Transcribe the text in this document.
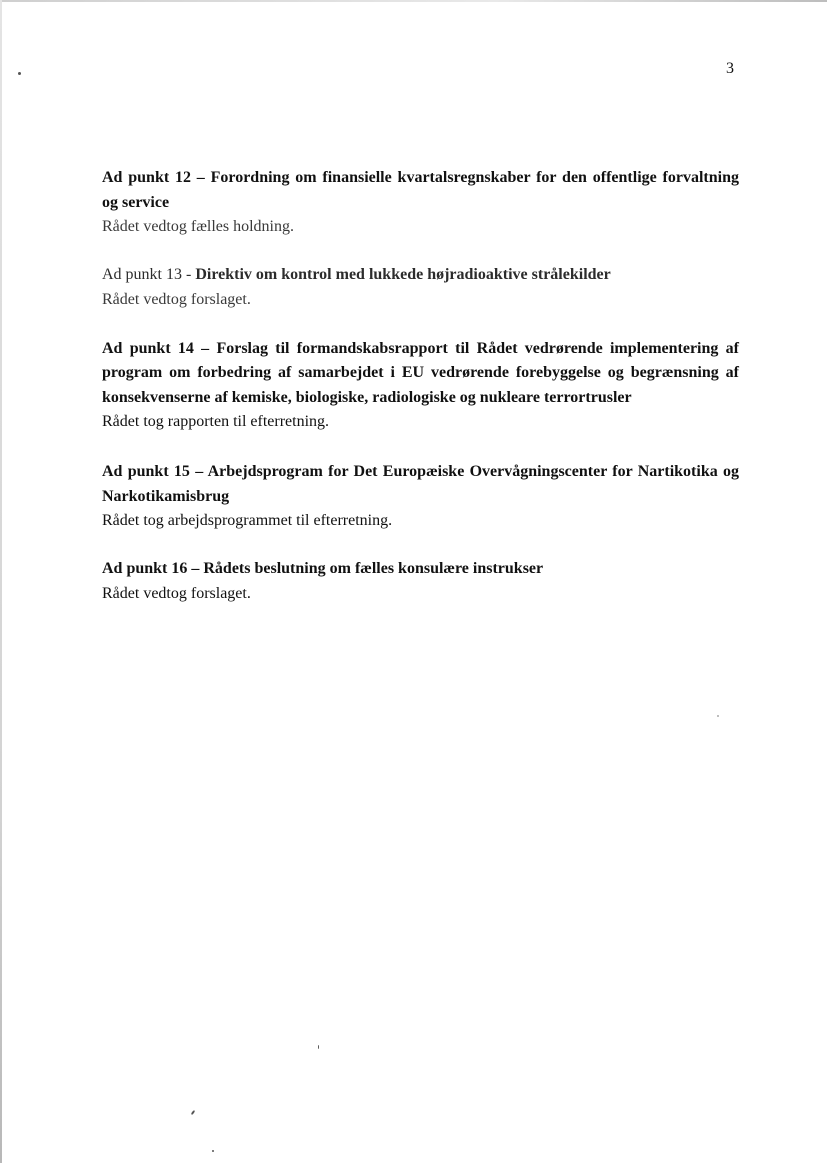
3

Ad punkt 12 – Forordning om finansielle kvartalsregnskaber for den offentlige forvaltning og service

Rådet vedtog fælles holdning.

Ad punkt 13 - Direktiv om kontrol med lukkede højradioaktive strålekilder

Rådet vedtog forslaget.

Ad punkt 14 – Forslag til formandskabsrapport til Rådet vedrørende implementering af program om forbedring af samarbejdet i EU vedrørende forebyggelse og begrænsning af konsekvenserne af kemiske, biologiske, radiologiske og nukleare terrortrusler

Rådet tog rapporten til efterretning.

Ad punkt 15 – Arbejdsprogram for Det Europæiske Overvågningscenter for Nartikotika og Narkotikamisbrug

Rådet tog arbejdsprogrammet til efterretning.

Ad punkt 16 – Rådets beslutning om fælles konsulære instrukser

Rådet vedtog forslaget.
